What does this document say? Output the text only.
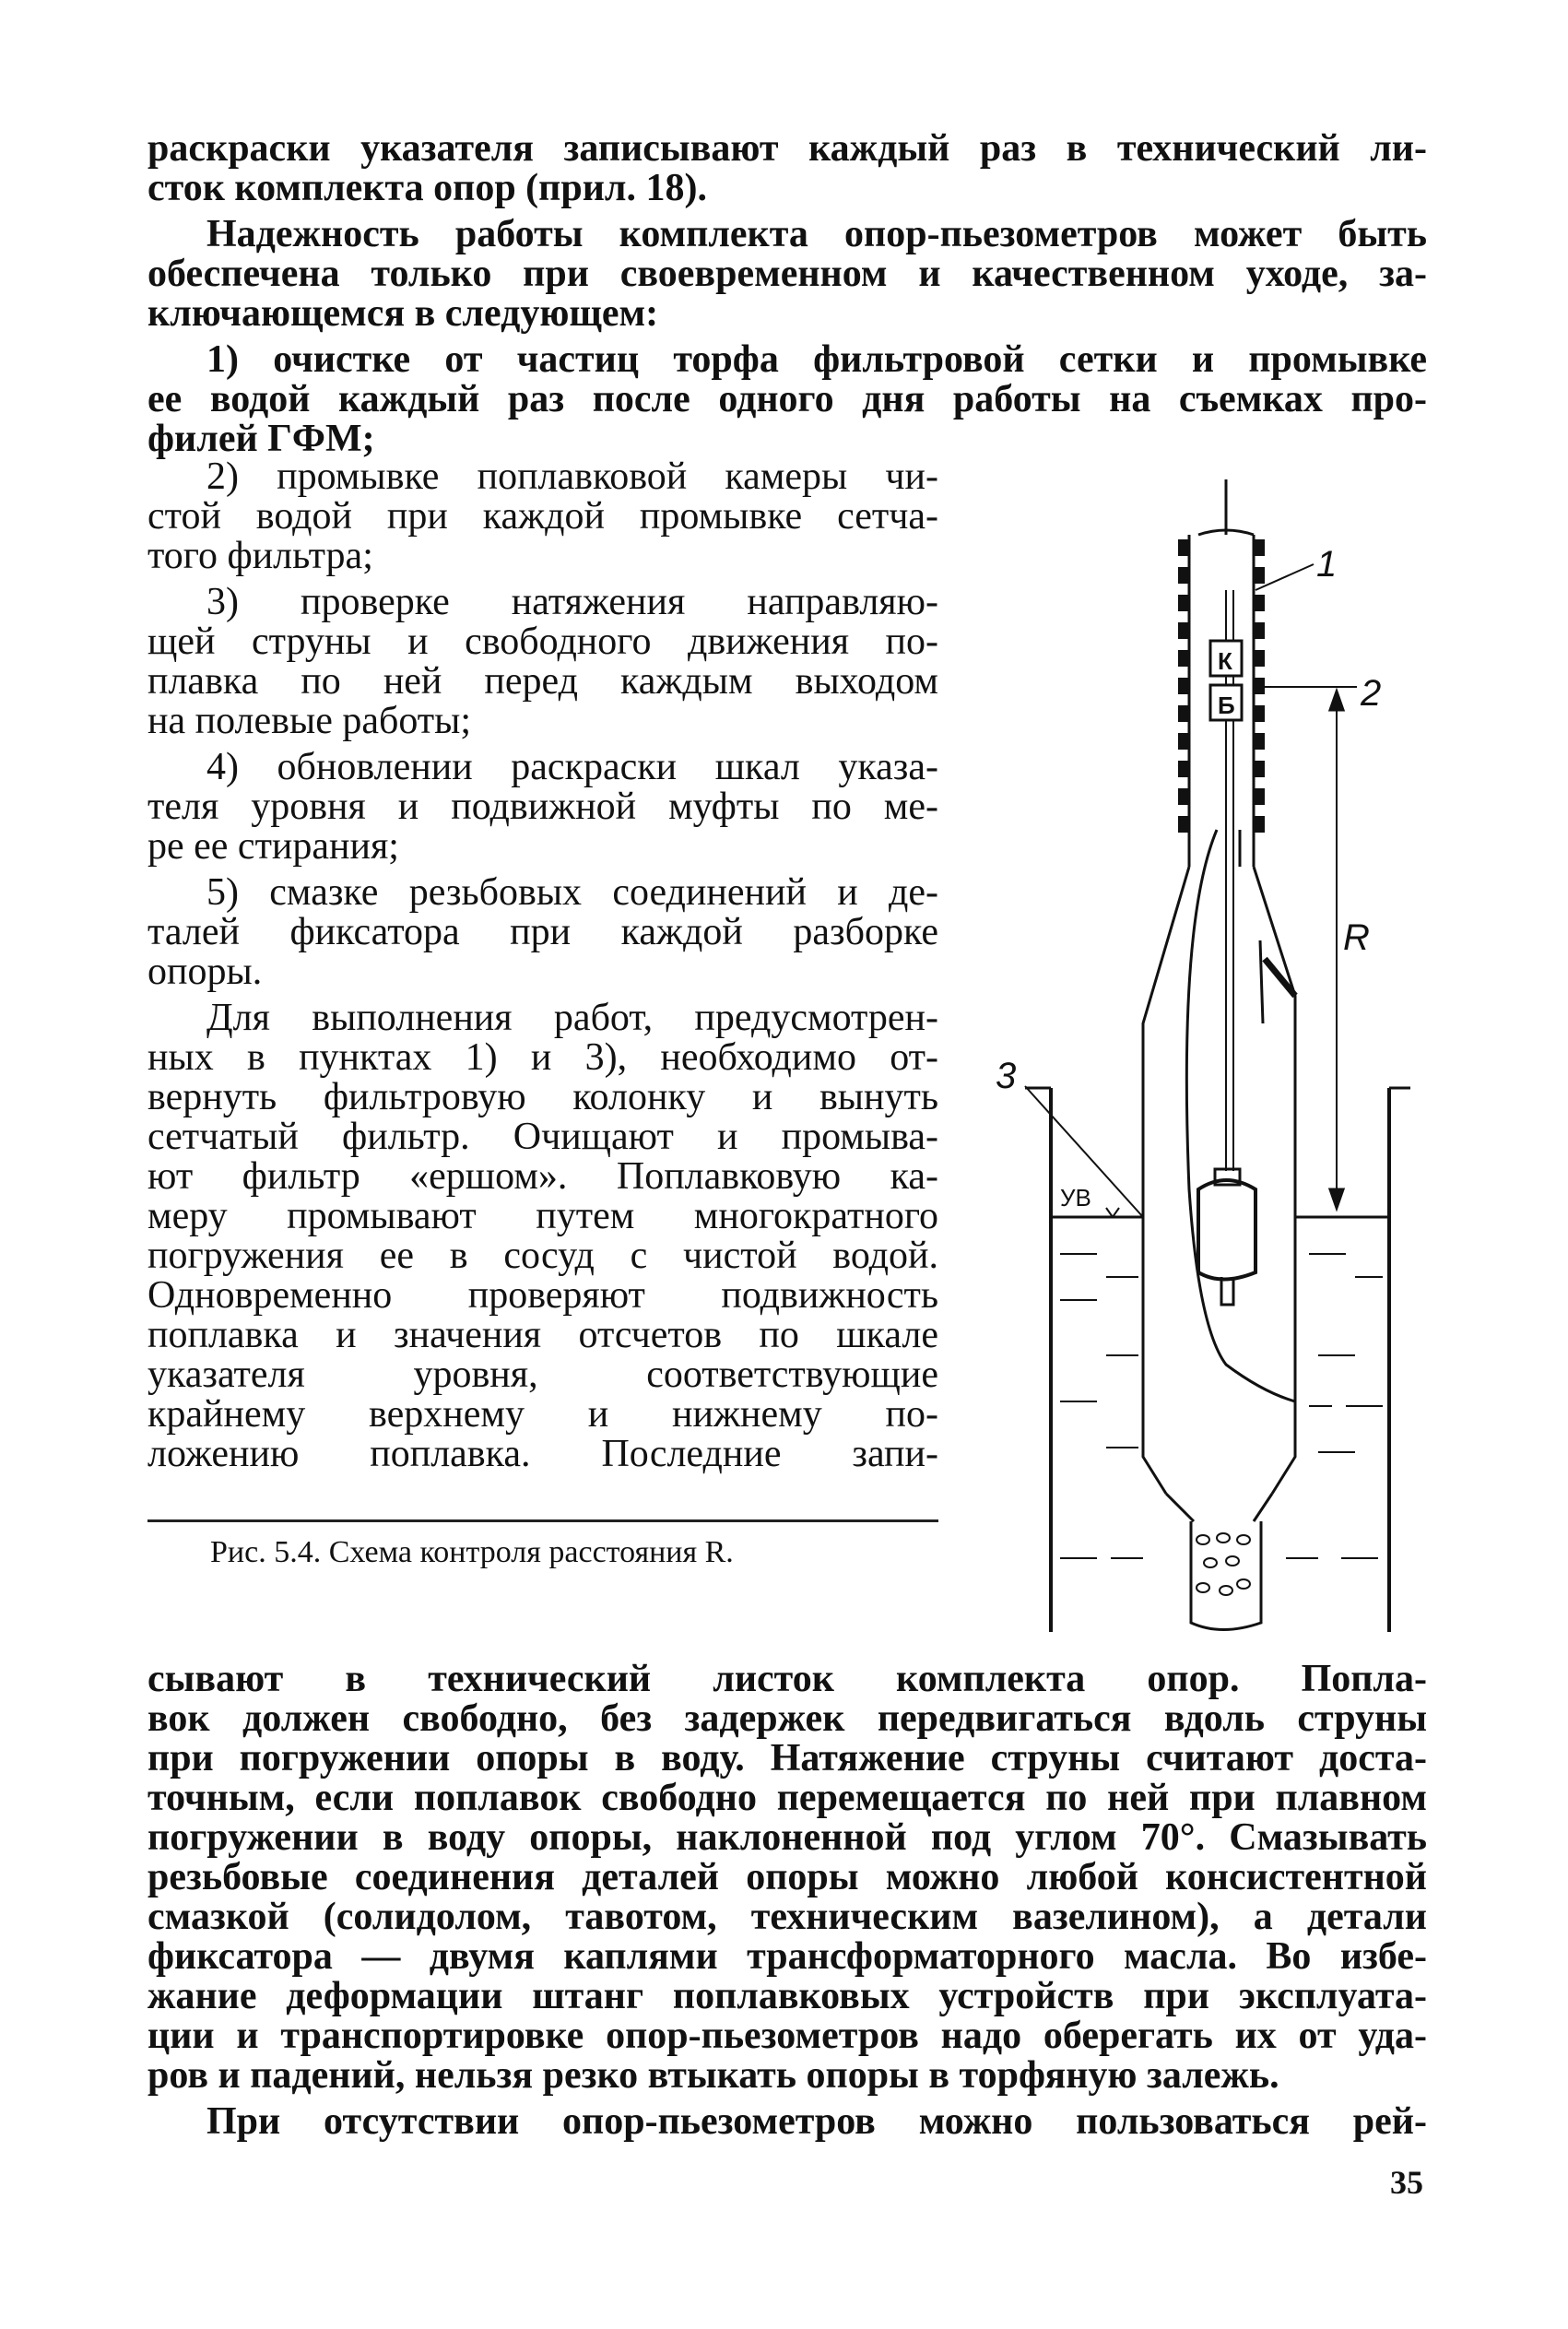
раскраски указателя записывают каждый раз в технический ли-
сток комплекта опор (прил. 18).
Надежность работы комплекта опор-пьезометров может быть
обеспечена только при своевременном и качественном уходе, за-
ключающемся в следующем:
1) очистке от частиц торфа фильтровой сетки и промывке
ее водой каждый раз после одного дня работы на съемках про-
филей ГФМ;
2) промывке поплавковой камеры чи-
стой водой при каждой промывке сетча-
того фильтра;
3) проверке натяжения направляю-
щей струны и свободного движения по-
плавка по ней перед каждым выходом
на полевые работы;
4) обновлении раскраски шкал указа-
теля уровня и подвижной муфты по ме-
ре ее стирания;
5) смазке резьбовых соединений и де-
талей фиксатора при каждой разборке
опоры.
Для выполнения работ, предусмотрен-
ных в пунктах 1) и 3), необходимо от-
вернуть фильтровую колонку и вынуть
сетчатый фильтр. Очищают и промыва-
ют фильтр «ершом». Поплавковую ка-
меру промывают путем многократного
погружения ее в сосуд с чистой водой.
Одновременно проверяют подвижность
поплавка и значения отсчетов по шкале
указателя уровня, соответствующие
крайнему верхнему и нижнему по-
ложению поплавка. Последние запи-
Рис. 5.4. Схема контроля расстояния R.
К
Б
1
2
3
R
УВ
сывают в технический листок комплекта опор. Попла-
вок должен свободно, без задержек передвигаться вдоль струны
при погружении опоры в воду. Натяжение струны считают доста-
точным, если поплавок свободно перемещается по ней при плавном
погружении в воду опоры, наклоненной под углом 70°. Смазывать
резьбовые соединения деталей опоры можно любой консистентной
смазкой (солидолом, тавотом, техническим вазелином), а детали
фиксатора — двумя каплями трансформаторного масла. Во избе-
жание деформации штанг поплавковых устройств при эксплуата-
ции и транспортировке опор-пьезометров надо оберегать их от уда-
ров и падений, нельзя резко втыкать опоры в торфяную залежь.
При отсутствии опор-пьезометров можно пользоваться рей-
35
